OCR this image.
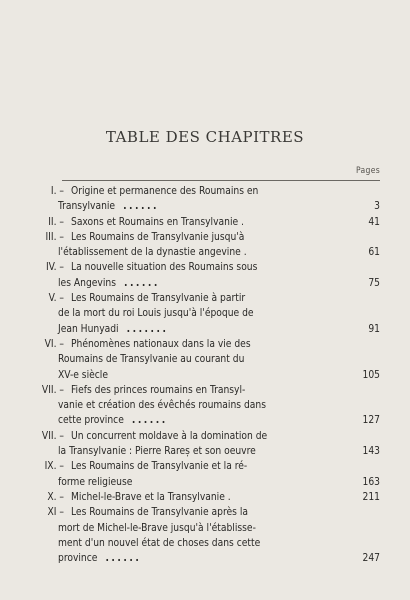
TABLE DES CHAPITRES
Pages
I. – Origine et permanence des Roumains en
Transylvanie ......	3
II. – Saxons et Roumains en Transylvanie .	41
III. – Les Roumains de Transylvanie jusqu'à
l'établissement de la dynastie angevine .	61
IV. – La nouvelle situation des Roumains sous
les Angevins ......	75
V. – Les Roumains de Transylvanie à partir
de la mort du roi Louis jusqu'à l'époque de
Jean Hunyadi .......	91
VI. – Phénomènes nationaux dans la vie des
Roumains de Transylvanie au courant du
XV-e siècle	105
VII. – Fiefs des princes roumains en Transyl-
vanie et création des évêchés roumains dans
cette province ......	127
VII. – Un concurrent moldave à la domination de
la Transylvanie : Pierre Rareș et son oeuvre	143
IX. – Les Roumains de Transylvanie et la ré-
forme religieuse	163
X. – Michel-le-Brave et la Transylvanie .	211
XI – Les Roumains de Transylvanie après la
mort de Michel-le-Brave jusqu'à l'établisse-
ment d'un nouvel état de choses dans cette
province ......	247
